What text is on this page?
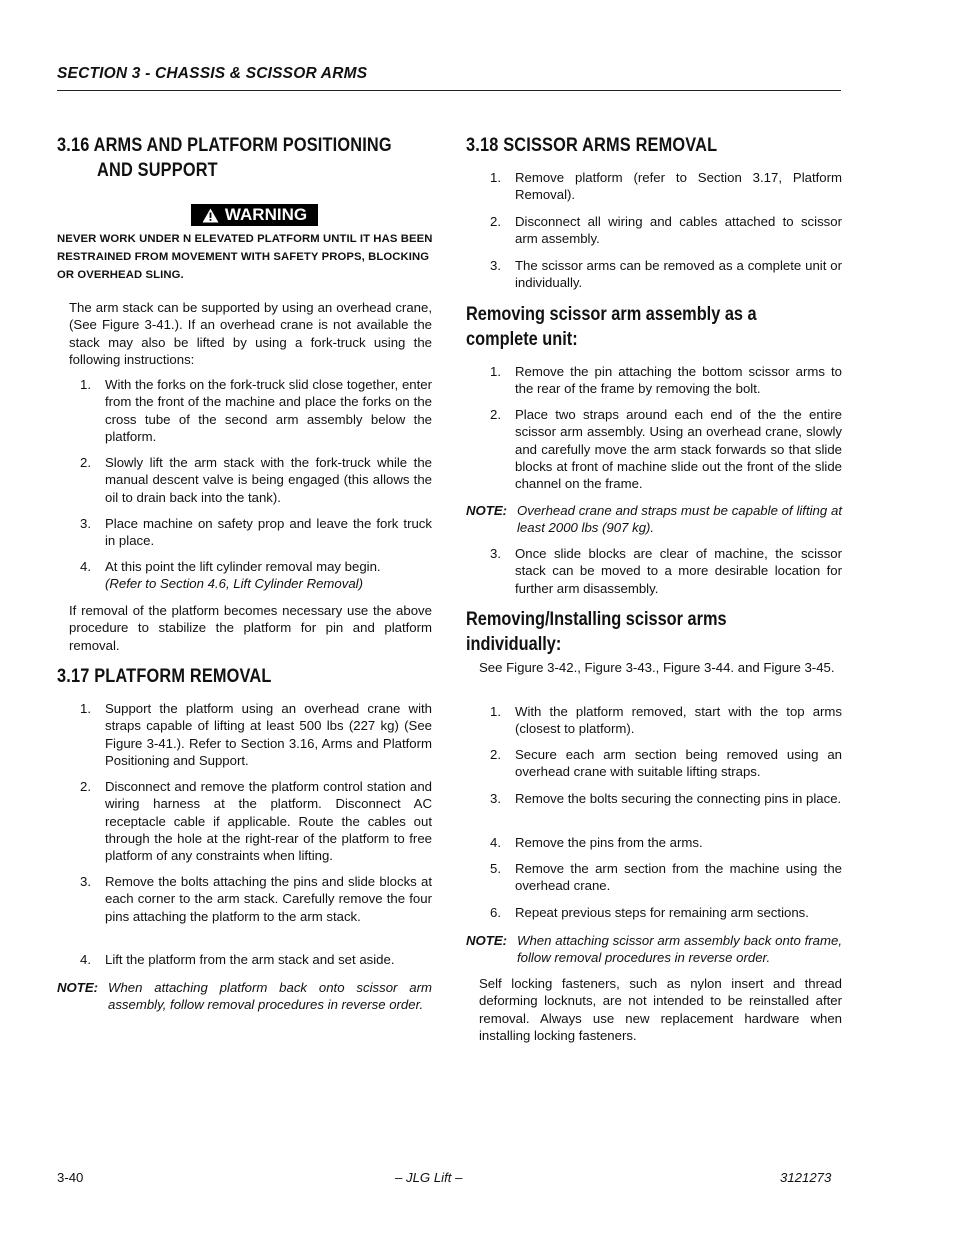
SECTION 3 - CHASSIS & SCISSOR ARMS
3.16 ARMS AND PLATFORM POSITIONING
AND SUPPORT
WARNING
NEVER WORK UNDER N ELEVATED PLATFORM UNTIL IT HAS BEEN RESTRAINED FROM MOVEMENT WITH SAFETY PROPS, BLOCKING OR OVERHEAD SLING.
The arm stack can be supported by using an overhead crane,(See Figure 3-41.). If an overhead crane is not available the stack may also be lifted by using a fork-truck using the following instructions:
1. With the forks on the fork-truck slid close together, enter from the front of the machine and place the forks on the cross tube of the second arm assembly below the platform.
2. Slowly lift the arm stack with the fork-truck while the manual descent valve is being engaged (this allows the oil to drain back into the tank).
3. Place machine on safety prop and leave the fork truck in place.
4. At this point the lift cylinder removal may begin.
(Refer to Section 4.6, Lift Cylinder Removal)
If removal of the platform becomes necessary use the above procedure to stabilize the platform for pin and platform removal.
3.17 PLATFORM REMOVAL
1. Support the platform using an overhead crane with straps capable of lifting at least 500 lbs (227 kg) (See Figure 3-41.). Refer to Section 3.16, Arms and Platform Positioning and Support.
2. Disconnect and remove the platform control station and wiring harness at the platform. Disconnect AC receptacle cable if applicable. Route the cables out through the hole at the right-rear of the platform to free platform of any constraints when lifting.
3. Remove the bolts attaching the pins and slide blocks at each corner to the arm stack. Carefully remove the four pins attaching the platform to the arm stack.
4. Lift the platform from the arm stack and set aside.
NOTE: When attaching platform back onto scissor arm assembly, follow removal procedures in reverse order.
3.18 SCISSOR ARMS REMOVAL
1. Remove platform (refer to Section 3.17, Platform Removal).
2. Disconnect all wiring and cables attached to scissor arm assembly.
3. The scissor arms can be removed as a complete unit or individually.
Removing scissor arm assembly as a
complete unit:
1. Remove the pin attaching the bottom scissor arms to the rear of the frame by removing the bolt.
2. Place two straps around each end of the the entire scissor arm assembly. Using an overhead crane, slowly and carefully move the arm stack forwards so that slide blocks at front of machine slide out the front of the slide channel on the frame.
NOTE: Overhead crane and straps must be capable of lifting at least 2000 lbs (907 kg).
3. Once slide blocks are clear of machine, the scissor stack can be moved to a more desirable location for further arm disassembly.
Removing/Installing scissor arms
individually:
See Figure 3-42., Figure 3-43., Figure 3-44. and Figure 3-45.
1. With the platform removed, start with the top arms (closest to platform).
2. Secure each arm section being removed using an overhead crane with suitable lifting straps.
3. Remove the bolts securing the connecting pins in place.
4. Remove the pins from the arms.
5. Remove the arm section from the machine using the overhead crane.
6. Repeat previous steps for remaining arm sections.
NOTE: When attaching scissor arm assembly back onto frame, follow removal procedures in reverse order.
Self locking fasteners, such as nylon insert and thread deforming locknuts, are not intended to be reinstalled after removal. Always use new replacement hardware when installing locking fasteners.
3-40	– JLG Lift –	3121273
